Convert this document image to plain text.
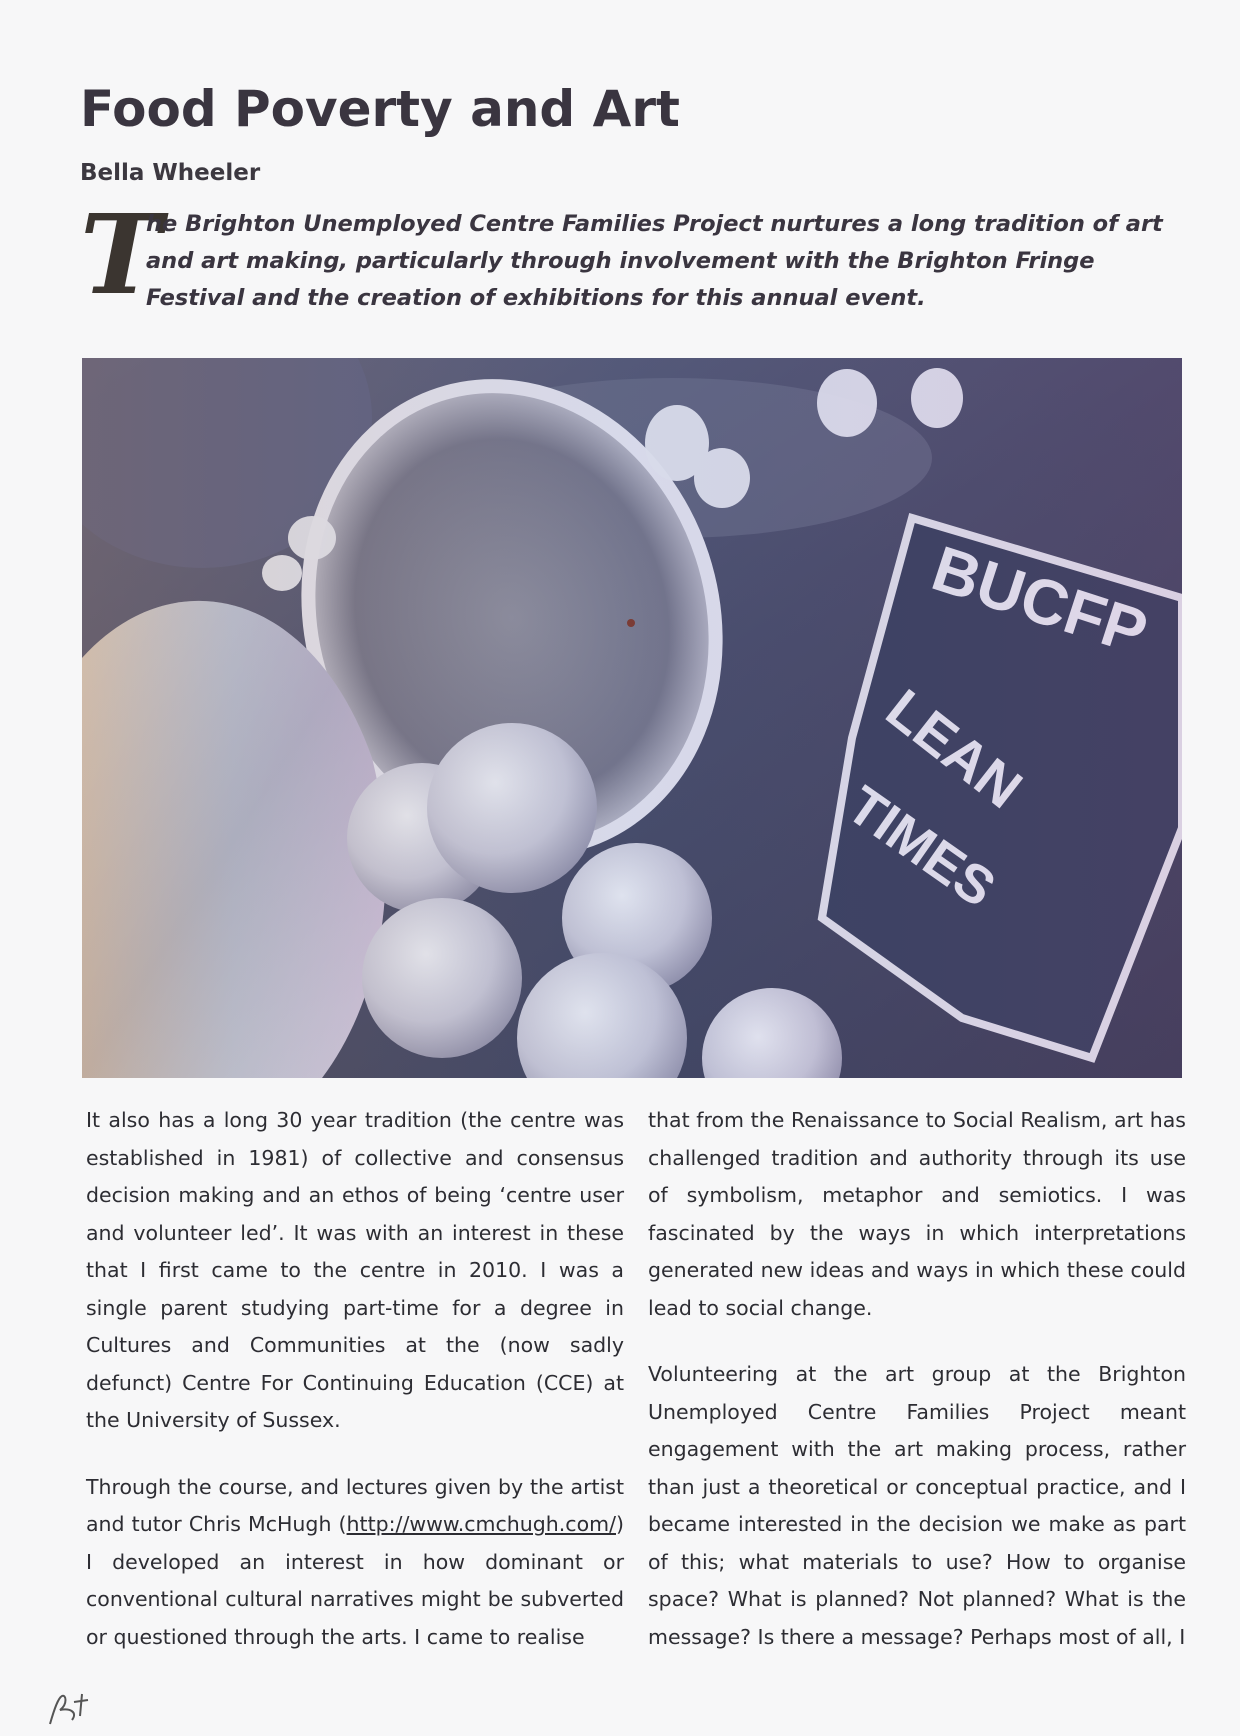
Food Poverty and Art
Bella Wheeler
T

he Brighton Unemployed Centre Families Project nurtures a long tradition of art and art making, particularly through involvement with the Brighton Fringe Festival and the creation of exhibitions for this annual event.

It also has a long 30 year tradition (the centre was established in 1981) of collective and consensus decision making and an ethos of being ‘centre user and volunteer led’. It was with an interest in these that I first came to the centre in 2010. I was a single parent studying part-time for a degree in Cultures and Communities at the (now sadly defunct) Centre For Continuing Education (CCE) at the University of Sussex.

Through the course, and lectures given by the artist and tutor Chris McHugh (http://www.cmchugh.com/) I developed an interest in how dominant or conventional cultural narratives might be subverted or questioned through the arts. I came to realise

that from the Renaissance to Social Realism, art has challenged tradition and authority through its use of symbolism, metaphor and semiotics. I was fascinated by the ways in which interpretations generated new ideas and ways in which these could lead to social change.

Volunteering at the art group at the Brighton Unemployed Centre Families Project meant engagement with the art making process, rather than just a theoretical or conceptual practice, and I became interested in the decision we make as part of this; what materials to use? How to organise space? What is planned? Not planned? What is the message? Is there a message? Perhaps most of all, I
